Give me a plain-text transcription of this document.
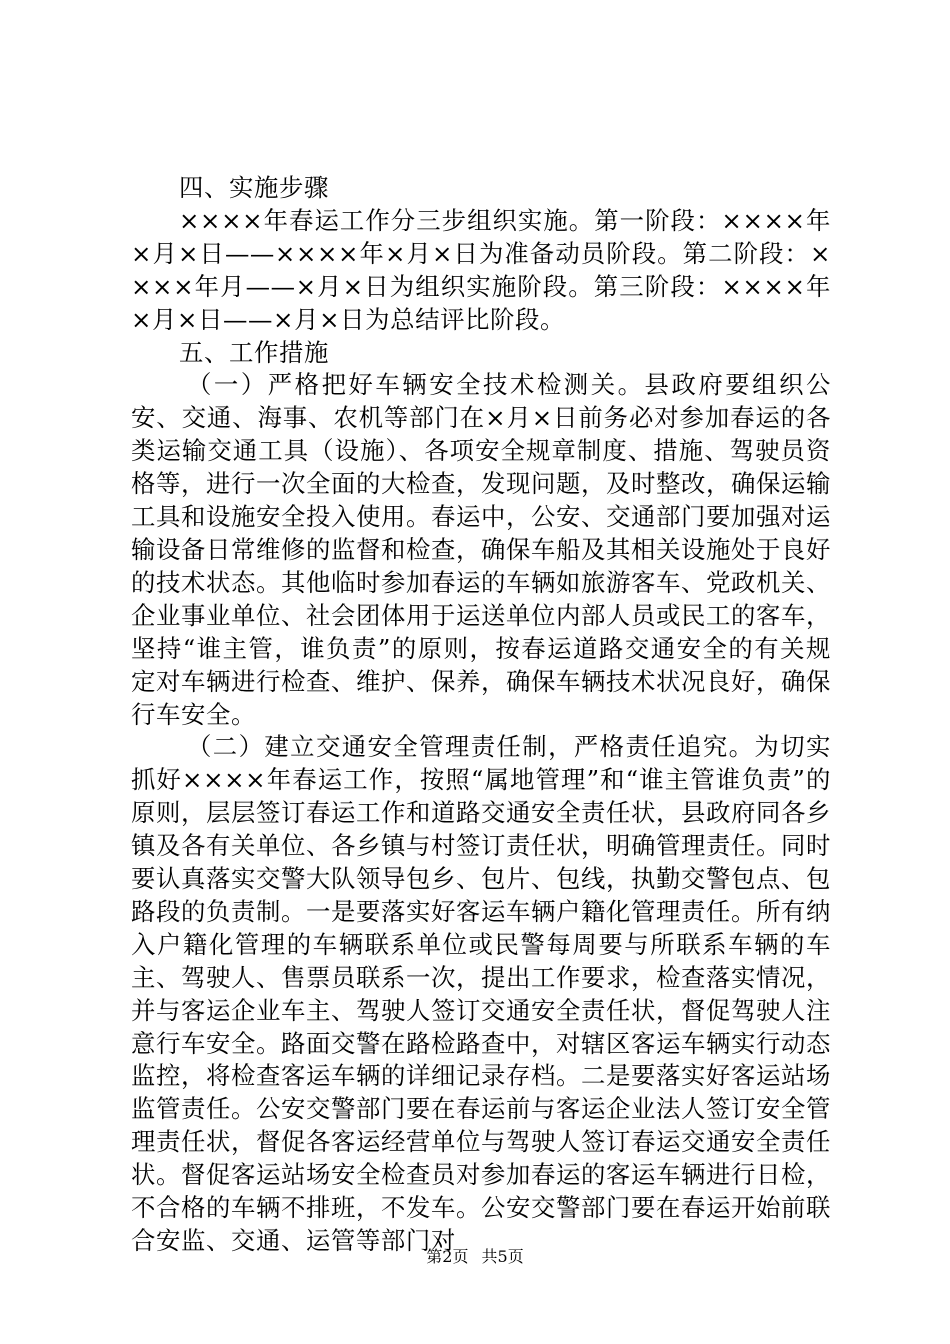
四、实施步骤

××××年春运工作分三步组织实施。第一阶段：××××年×月×日——××××年×月×日为准备动员阶段。第二阶段：××××年月——×月×日为组织实施阶段。第三阶段：××××年×月×日——×月×日为总结评比阶段。

五、工作措施

（一）严格把好车辆安全技术检测关。县政府要组织公安、交通、海事、农机等部门在×月×日前务必对参加春运的各类运输交通工具（设施）、各项安全规章制度、措施、驾驶员资格等，进行一次全面的大检查，发现问题，及时整改，确保运输工具和设施安全投入使用。春运中，公安、交通部门要加强对运输设备日常维修的监督和检查，确保车船及其相关设施处于良好的技术状态。其他临时参加春运的车辆如旅游客车、党政机关、企业事业单位、社会团体用于运送单位内部人员或民工的客车，坚持“谁主管，谁负责”的原则，按春运道路交通安全的有关规定对车辆进行检查、维护、保养，确保车辆技术状况良好，确保行车安全。

（二）建立交通安全管理责任制，严格责任追究。为切实抓好××××年春运工作，按照“属地管理”和“谁主管谁负责”的原则，层层签订春运工作和道路交通安全责任状，县政府同各乡镇及各有关单位、各乡镇与村签订责任状，明确管理责任。同时要认真落实交警大队领导包乡、包片、包线，执勤交警包点、包路段的负责制。一是要落实好客运车辆户籍化管理责任。所有纳入户籍化管理的车辆联系单位或民警每周要与所联系车辆的车主、驾驶人、售票员联系一次，提出工作要求，检查落实情况，并与客运企业车主、驾驶人签订交通安全责任状，督促驾驶人注意行车安全。路面交警在路检路查中，对辖区客运车辆实行动态监控，将检查客运车辆的详细记录存档。二是要落实好客运站场监管责任。公安交警部门要在春运前与客运企业法人签订安全管理责任状，督促各客运经营单位与驾驶人签订春运交通安全责任状。督促客运站场安全检查员对参加春运的客运车辆进行日检，不合格的车辆不排班，不发车。公安交警部门要在春运开始前联合安监、交通、运管等部门对

第2页 共5页
